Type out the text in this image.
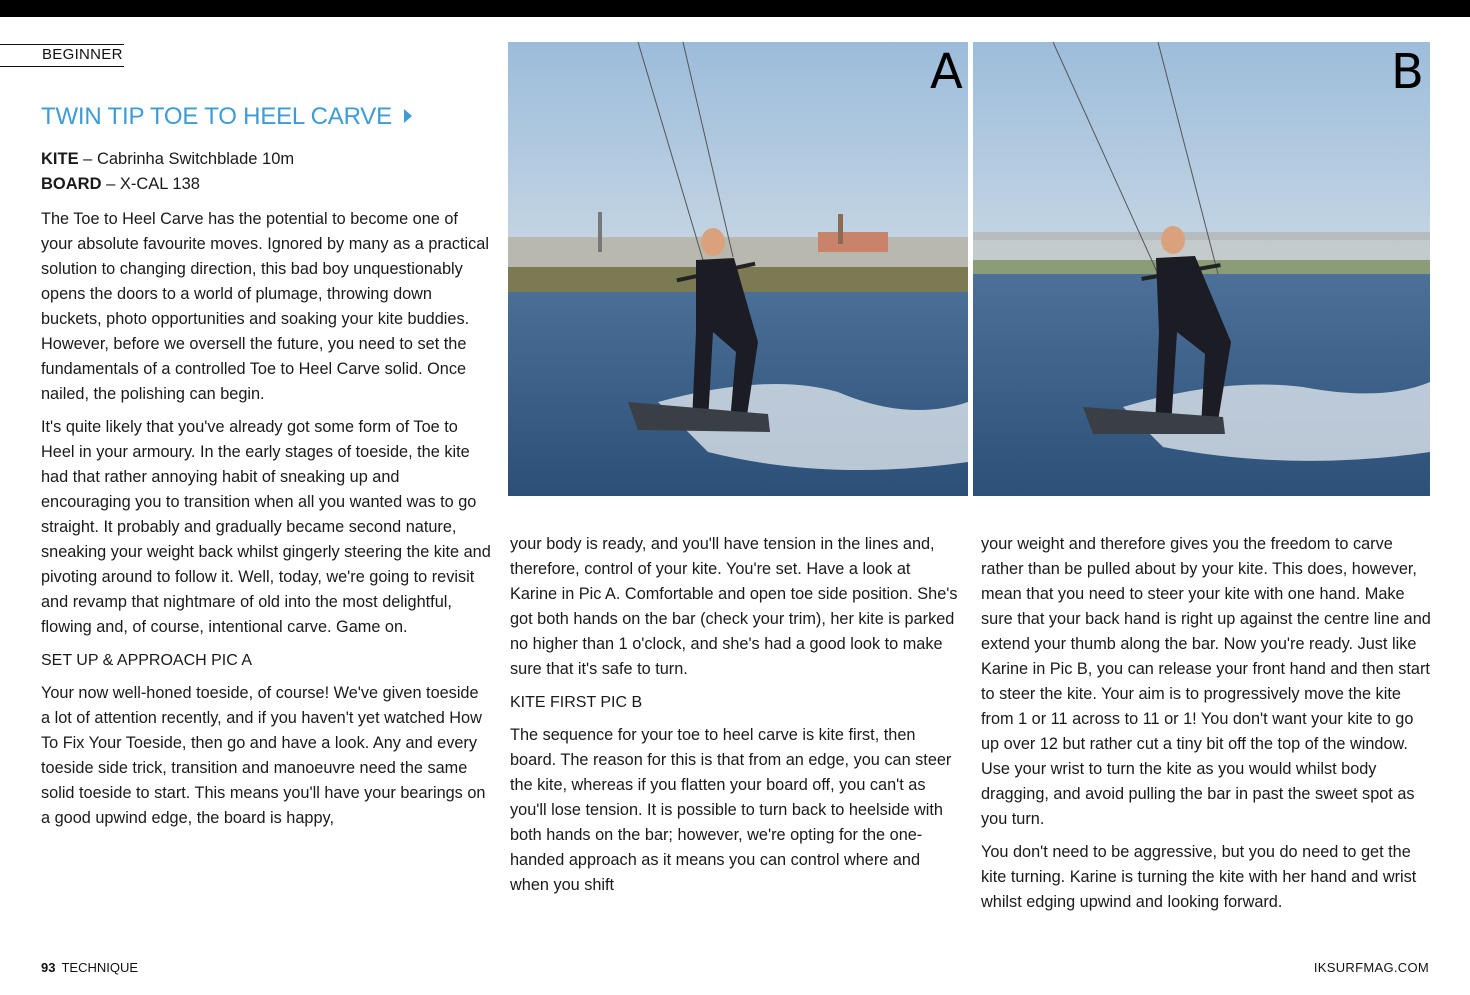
BEGINNER
TWIN TIP TOE TO HEEL CARVE
KITE – Cabrinha Switchblade 10m
BOARD – X-CAL 138

The Toe to Heel Carve has the potential to become one of your absolute favourite moves. Ignored by many as a practical solution to changing direction, this bad boy unquestionably opens the doors to a world of plumage, throwing down buckets, photo opportunities and soaking your kite buddies. However, before we oversell the future, you need to set the fundamentals of a controlled Toe to Heel Carve solid. Once nailed, the polishing can begin.

It's quite likely that you've already got some form of Toe to Heel in your armoury. In the early stages of toeside, the kite had that rather annoying habit of sneaking up and encouraging you to transition when all you wanted was to go straight. It probably and gradually became second nature, sneaking your weight back whilst gingerly steering the kite and pivoting around to follow it. Well, today, we're going to revisit and revamp that nightmare of old into the most delightful, flowing and, of course, intentional carve. Game on.

SET UP & APPROACH PIC A

Your now well-honed toeside, of course! We've given toeside a lot of attention recently, and if you haven't yet watched How To Fix Your Toeside, then go and have a look. Any and every toeside side trick, transition and manoeuvre need the same solid toeside to start. This means you'll have your bearings on a good upwind edge, the board is happy,

A	B

your body is ready, and you'll have tension in the lines and, therefore, control of your kite. You're set. Have a look at Karine in Pic A. Comfortable and open toe side position. She's got both hands on the bar (check your trim), her kite is parked no higher than 1 o'clock, and she's had a good look to make sure that it's safe to turn.

KITE FIRST PIC B

The sequence for your toe to heel carve is kite first, then board. The reason for this is that from an edge, you can steer the kite, whereas if you flatten your board off, you can't as you'll lose tension. It is possible to turn back to heelside with both hands on the bar; however, we're opting for the one-handed approach as it means you can control where and when you shift

your weight and therefore gives you the freedom to carve rather than be pulled about by your kite. This does, however, mean that you need to steer your kite with one hand. Make sure that your back hand is right up against the centre line and extend your thumb along the bar. Now you're ready. Just like Karine in Pic B, you can release your front hand and then start to steer the kite. Your aim is to progressively move the kite from 1 or 11 across to 11 or 1! You don't want your kite to go up over 12 but rather cut a tiny bit off the top of the window. Use your wrist to turn the kite as you would whilst body dragging, and avoid pulling the bar in past the sweet spot as you turn.

You don't need to be aggressive, but you do need to get the kite turning. Karine is turning the kite with her hand and wrist whilst edging upwind and looking forward.

93 TECHNIQUE	IKSURFMAG.COM
